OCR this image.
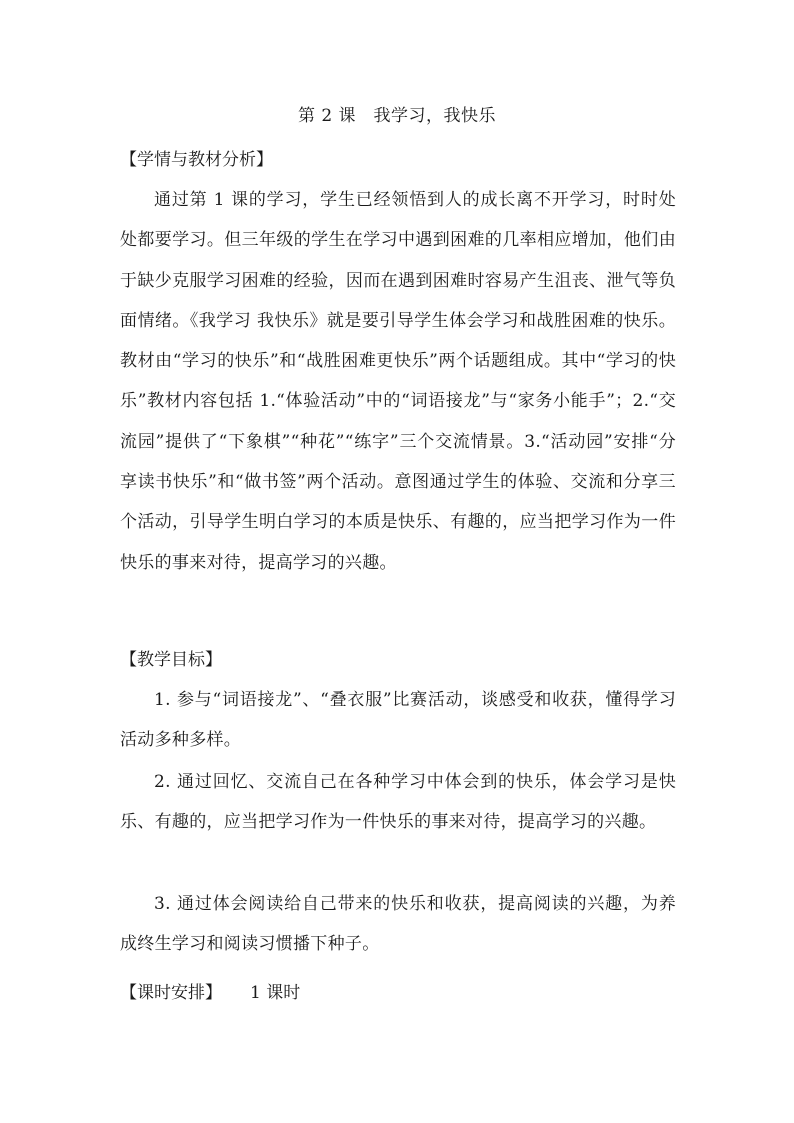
第 2 课　我学习，我快乐
【学情与教材分析】
通过第 1 课的学习，学生已经领悟到人的成长离不开学习，时时处处都要学习。但三年级的学生在学习中遇到困难的几率相应增加，他们由于缺少克服学习困难的经验，因而在遇到困难时容易产生沮丧、泄气等负面情绪。《我学习 我快乐》就是要引导学生体会学习和战胜困难的快乐。教材由“学习的快乐”和“战胜困难更快乐”两个话题组成。其中“学习的快乐”教材内容包括 1.“体验活动”中的“词语接龙”与“家务小能手”；2.“交流园”提供了“下象棋”“种花”“练字”三个交流情景。3.“活动园”安排“分享读书快乐”和“做书签”两个活动。意图通过学生的体验、交流和分享三个活动，引导学生明白学习的本质是快乐、有趣的，应当把学习作为一件快乐的事来对待，提高学习的兴趣。
【教学目标】
1. 参与“词语接龙”、“叠衣服”比赛活动，谈感受和收获，懂得学习活动多种多样。
2. 通过回忆、交流自己在各种学习中体会到的快乐，体会学习是快乐、有趣的，应当把学习作为一件快乐的事来对待，提高学习的兴趣。
3. 通过体会阅读给自己带来的快乐和收获，提高阅读的兴趣，为养成终生学习和阅读习惯播下种子。
【课时安排】 1 课时
